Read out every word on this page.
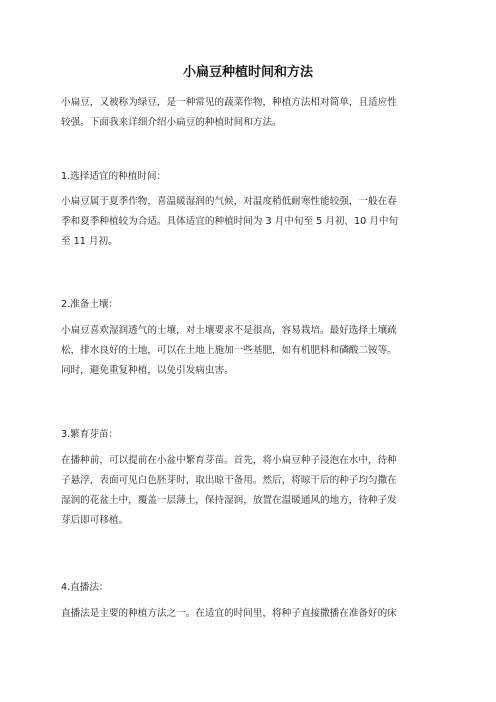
小扁豆种植时间和方法

小扁豆，又被称为绿豆，是一种常见的蔬菜作物，种植方法相对简单，且适应性
较强。下面我来详细介绍小扁豆的种植时间和方法。

1.选择适宜的种植时间：

小扁豆属于夏季作物，喜温暖湿润的气候，对温度稍低耐寒性能较强，一般在春
季和夏季种植较为合适。具体适宜的种植时间为 3 月中旬至 5 月初、10 月中旬
至 11 月初。

2.准备土壤：

小扁豆喜欢湿润透气的土壤，对土壤要求不是很高，容易栽培。最好选择土壤疏
松，排水良好的土地，可以在土地上施加一些基肥，如有机肥料和磷酸二铵等。
同时，避免重复种植，以免引发病虫害。

3.繁育芽苗：

在播种前，可以提前在小盆中繁育芽苗。首先，将小扁豆种子浸泡在水中，待种
子悬浮，表面可见白色胚芽时，取出晾干备用。然后，将晾干后的种子均匀撒在
湿润的花盆土中，覆盖一层薄土，保持湿润，放置在温暖通风的地方，待种子发
芽后即可移植。

4.直播法：

直播法是主要的种植方法之一。在适宜的时间里，将种子直接撒播在准备好的床
